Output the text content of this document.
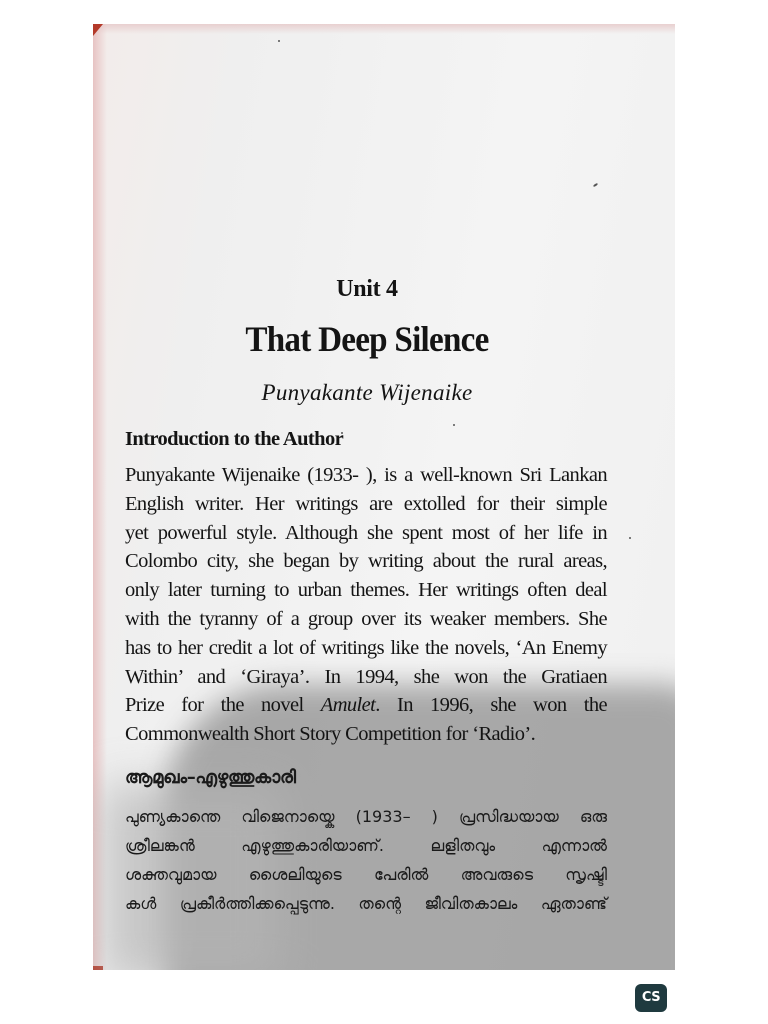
Unit 4
That Deep Silence
Punyakante Wijenaike
Introduction to the Author
Punyakante Wijenaike (1933- ), is a well-known Sri Lankan
English writer. Her writings are extolled for their simple
yet powerful style. Although she spent most of her life in
Colombo city, she began by writing about the rural areas,
only later turning to urban themes. Her writings often deal
with the tyranny of a group over its weaker members. She
has to her credit a lot of writings like the novels, ‘An Enemy
Within’ and ‘Giraya’. In 1994, she won the Gratiaen
Prize for the novel Amulet. In 1996, she won the
Commonwealth Short Story Competition for ‘Radio’.
ആമുഖം–എഴുത്തുകാരി
പുണ്യകാന്തെ വിജെനായ്കെ (1933– ) പ്രസിദ്ധയായ ഒരു
ശ്രീലങ്കൻ എഴുത്തുകാരിയാണ്. ലളിതവും എന്നാൽ
ശക്തവുമായ ശൈലിയുടെ പേരിൽ അവരുടെ സൃഷ്ടി
കൾ പ്രകീർത്തിക്കപ്പെടുന്നു. തന്റെ ജീവിതകാലം ഏതാണ്ട്
CS
